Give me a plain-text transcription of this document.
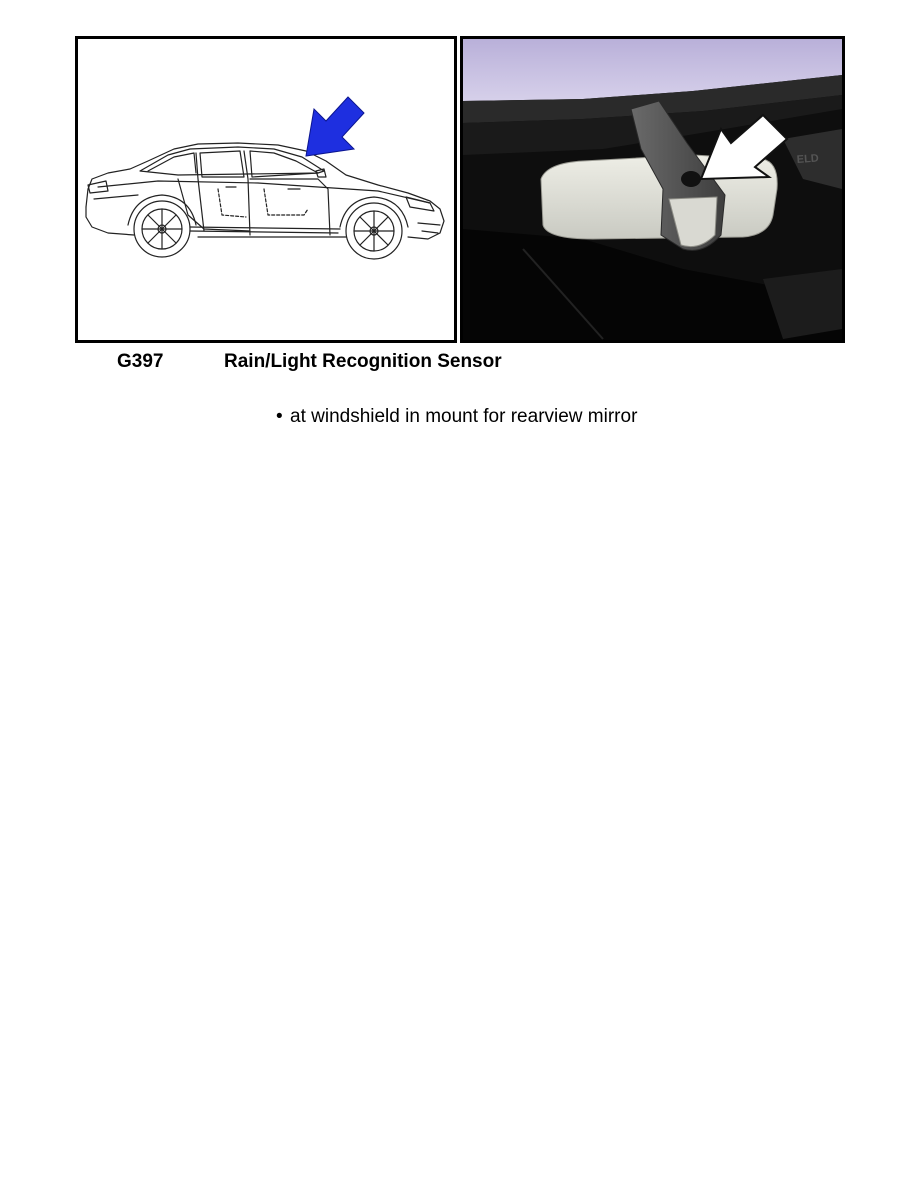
ELD
G397	Rain/Light Recognition Sensor
• at windshield in mount for rearview mirror
